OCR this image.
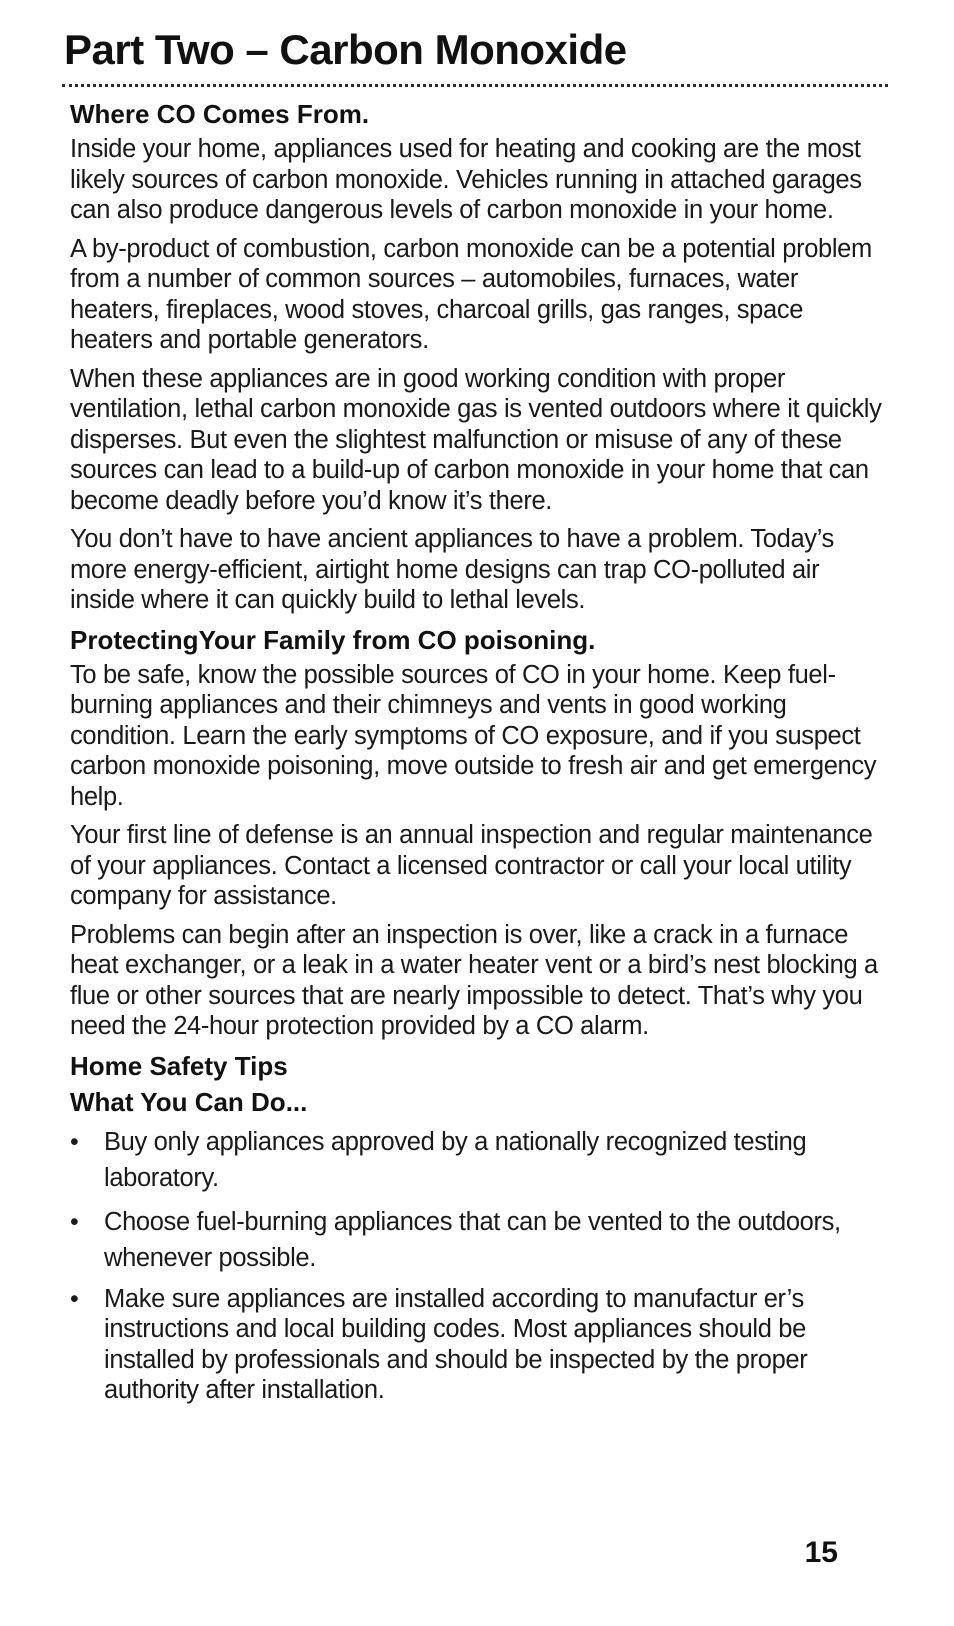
Part Two – Carbon Monoxide
Where CO Comes From.

Inside your home, appliances used for heating and cooking are the most likely sources of carbon monoxide. Vehicles running in attached garages can also produce dangerous levels of carbon monoxide in your home.

A by-product of combustion, carbon monoxide can be a potential problem from a number of common sources – automobiles, furnaces, water heaters, fireplaces, wood stoves, charcoal grills, gas ranges, space heaters and portable generators.

When these appliances are in good working condition with proper ventilation, lethal carbon monoxide gas is vented outdoors where it quickly disperses. But even the slightest malfunction or misuse of any of these sources can lead to a build-up of carbon monoxide in your home that can become deadly before you’d know it’s there.

You don’t have to have ancient appliances to have a problem. Today’s more energy-efficient, airtight home designs can trap CO-polluted air inside where it can quickly build to lethal levels.

ProtectingYour Family from CO poisoning.

To be safe, know the possible sources of CO in your home. Keep fuel-burning appliances and their chimneys and vents in good working condition. Learn the early symptoms of CO exposure, and if you suspect carbon monoxide poisoning, move outside to fresh air and get emergency help.

Your first line of defense is an annual inspection and regular maintenance of your appliances. Contact a licensed contractor or call your local utility company for assistance.

Problems can begin after an inspection is over, like a crack in a furnace heat exchanger, or a leak in a water heater vent or a bird’s nest blocking a flue or other sources that are nearly impossible to detect. That’s why you need the 24-hour protection provided by a CO alarm.

Home Safety Tips
What You Can Do...
• Buy only appliances approved by a nationally recognized testing laboratory.
• Choose fuel-burning appliances that can be vented to the outdoors, whenever possible.
• Make sure appliances are installed according to manufactur er’s instructions and local building codes. Most appliances should be installed by professionals and should be inspected by the proper authority after installation.

15
